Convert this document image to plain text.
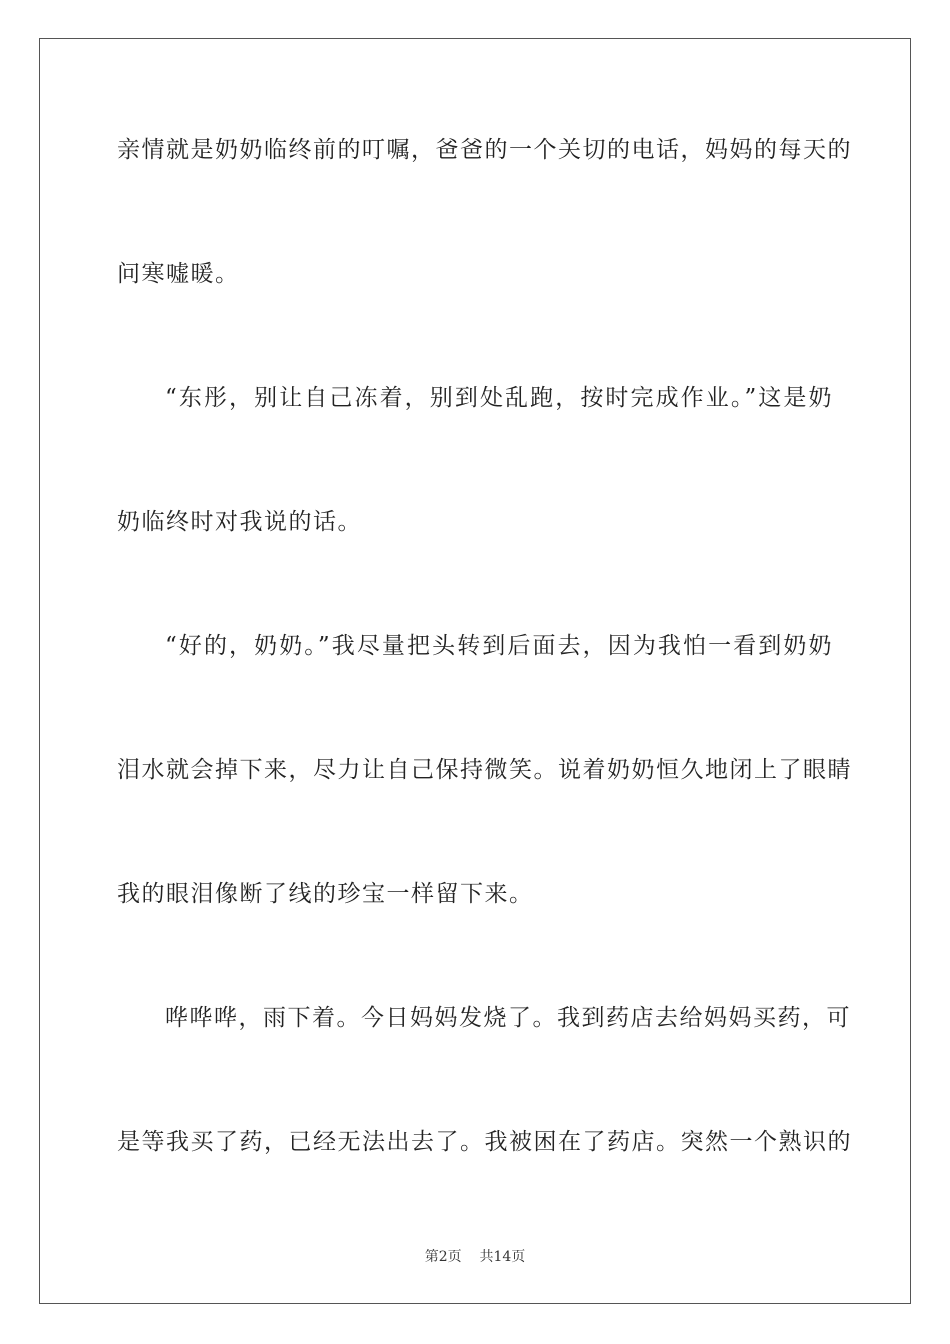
亲情就是奶奶临终前的叮嘱，爸爸的一个关切的电话，妈妈的每天的
问寒嘘暖。
“东彤，别让自己冻着，别到处乱跑，按时完成作业。”这是奶
奶临终时对我说的话。
“好的，奶奶。”我尽量把头转到后面去，因为我怕一看到奶奶
泪水就会掉下来，尽力让自己保持微笑。说着奶奶恒久地闭上了眼睛
我的眼泪像断了线的珍宝一样留下来。
哗哗哗，雨下着。今日妈妈发烧了。我到药店去给妈妈买药，可
是等我买了药，已经无法出去了。我被困在了药店。突然一个熟识的
第2页 共14页
